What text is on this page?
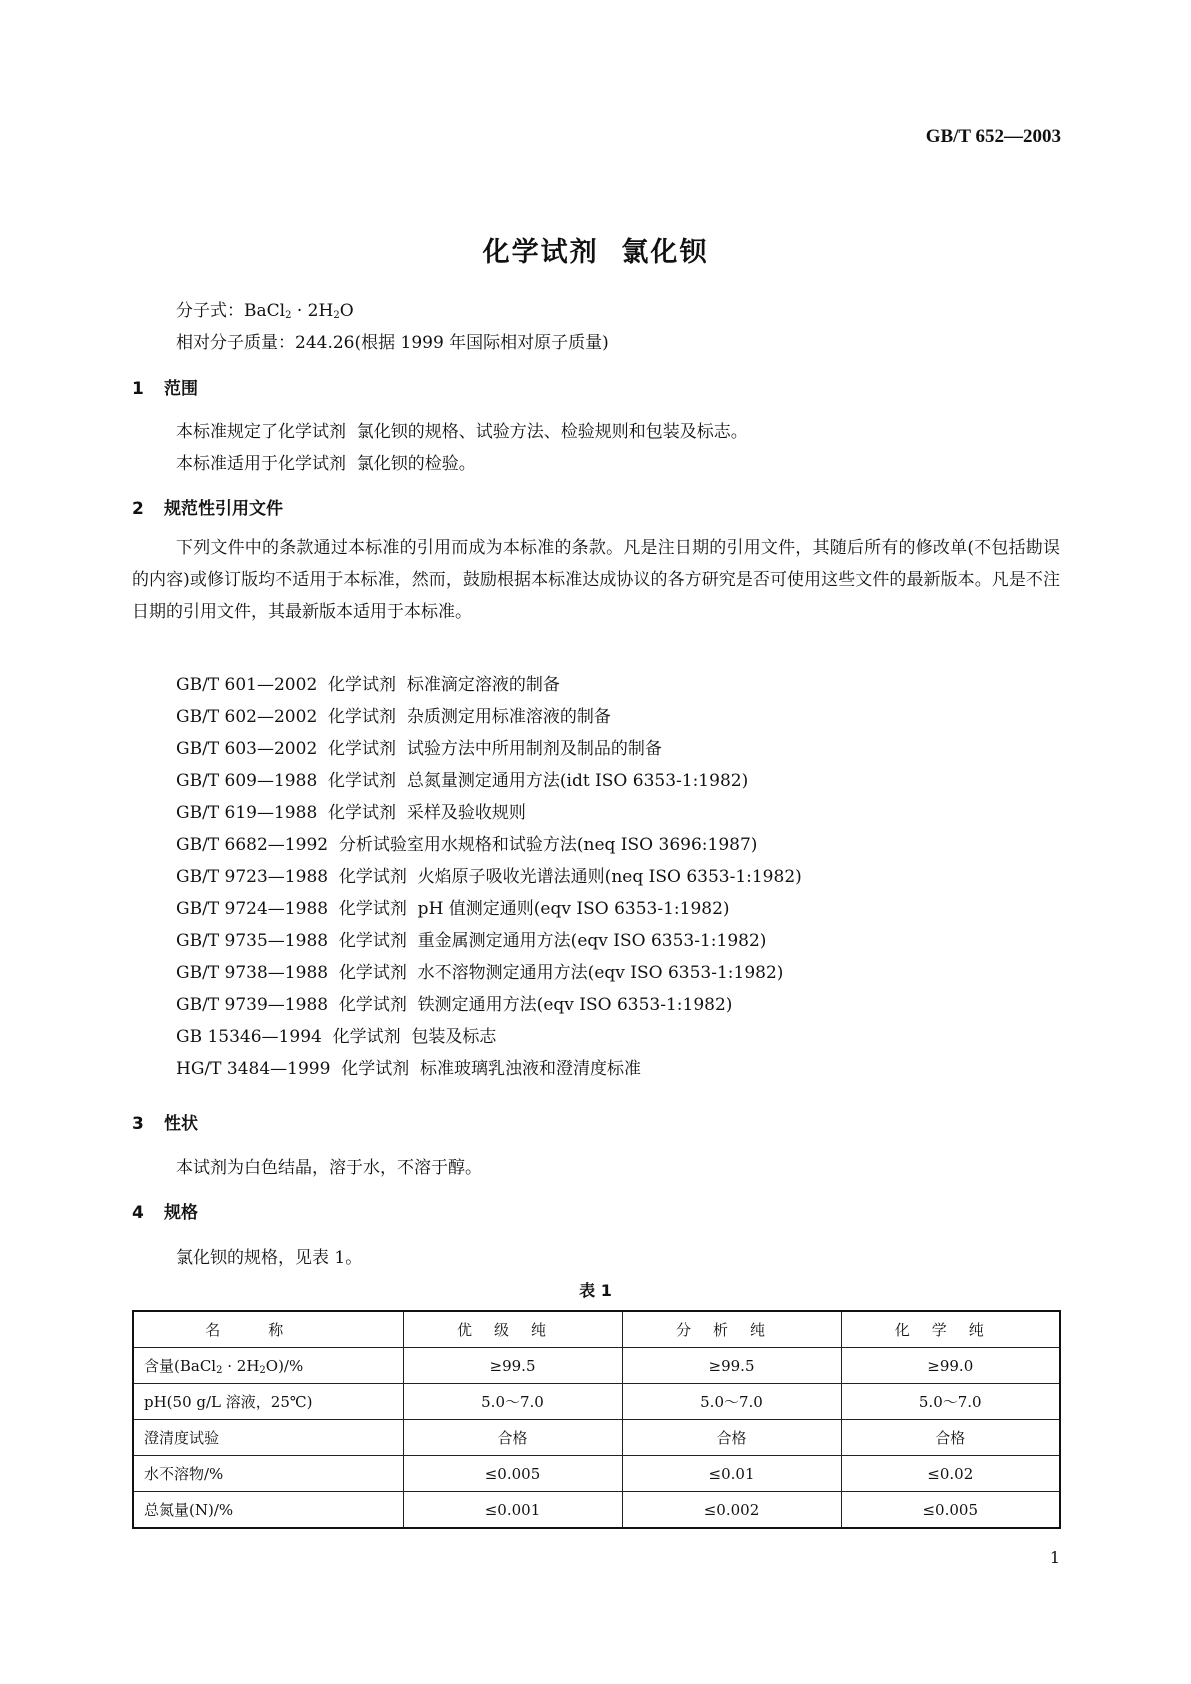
GB/T 652—2003
化学试剂  氯化钡
分子式：BaCl$_2$ · $2H_2O$
相对分子质量：244.26(根据 1999 年国际相对原子质量)
1 范围
本标准规定了化学试剂  氯化钡的规格、试验方法、检验规则和包装及标志。
本标准适用于化学试剂  氯化钡的检验。
2 规范性引用文件
下列文件中的条款通过本标准的引用而成为本标准的条款。凡是注日期的引用文件，其随后所有的修改单(不包括勘误的内容)或修订版均不适用于本标准，然而，鼓励根据本标准达成协议的各方研究是否可使用这些文件的最新版本。凡是不注日期的引用文件，其最新版本适用于本标准。
GB/T 601—2002  化学试剂  标准滴定溶液的制备
GB/T 602—2002  化学试剂  杂质测定用标准溶液的制备
GB/T 603—2002  化学试剂  试验方法中所用制剂及制品的制备
GB/T 609—1988  化学试剂  总氮量测定通用方法(idt ISO 6353-1:1982)
GB/T 619—1988  化学试剂  采样及验收规则
GB/T 6682—1992  分析试验室用水规格和试验方法(neq ISO 3696:1987)
GB/T 9723—1988  化学试剂  火焰原子吸收光谱法通则(neq ISO 6353-1:1982)
GB/T 9724—1988  化学试剂  pH 值测定通则(eqv ISO 6353-1:1982)
GB/T 9735—1988  化学试剂  重金属测定通用方法(eqv ISO 6353-1:1982)
GB/T 9738—1988  化学试剂  水不溶物测定通用方法(eqv ISO 6353-1:1982)
GB/T 9739—1988  化学试剂  铁测定通用方法(eqv ISO 6353-1:1982)
GB 15346—1994  化学试剂  包装及标志
HG/T 3484—1999  化学试剂  标准玻璃乳浊液和澄清度标准
3 性状
本试剂为白色结晶，溶于水，不溶于醇。
4 规格
氯化钡的规格，见表 1。
表 1
名称	优级纯	分析纯	化学纯
含量(BaCl$_2$ · $2H_2O)/\%$	≥99.5	≥99.5	≥99.0
pH(50 g/L 溶液，25℃)	5.0～7.0	5.0～7.0	5.0～7.0
澄清度试验	合格	合格	合格
水不溶物/%	≤0.005	≤0.01	≤0.02
总氮量(N)/%	≤0.001	≤0.002	≤0.005
1
